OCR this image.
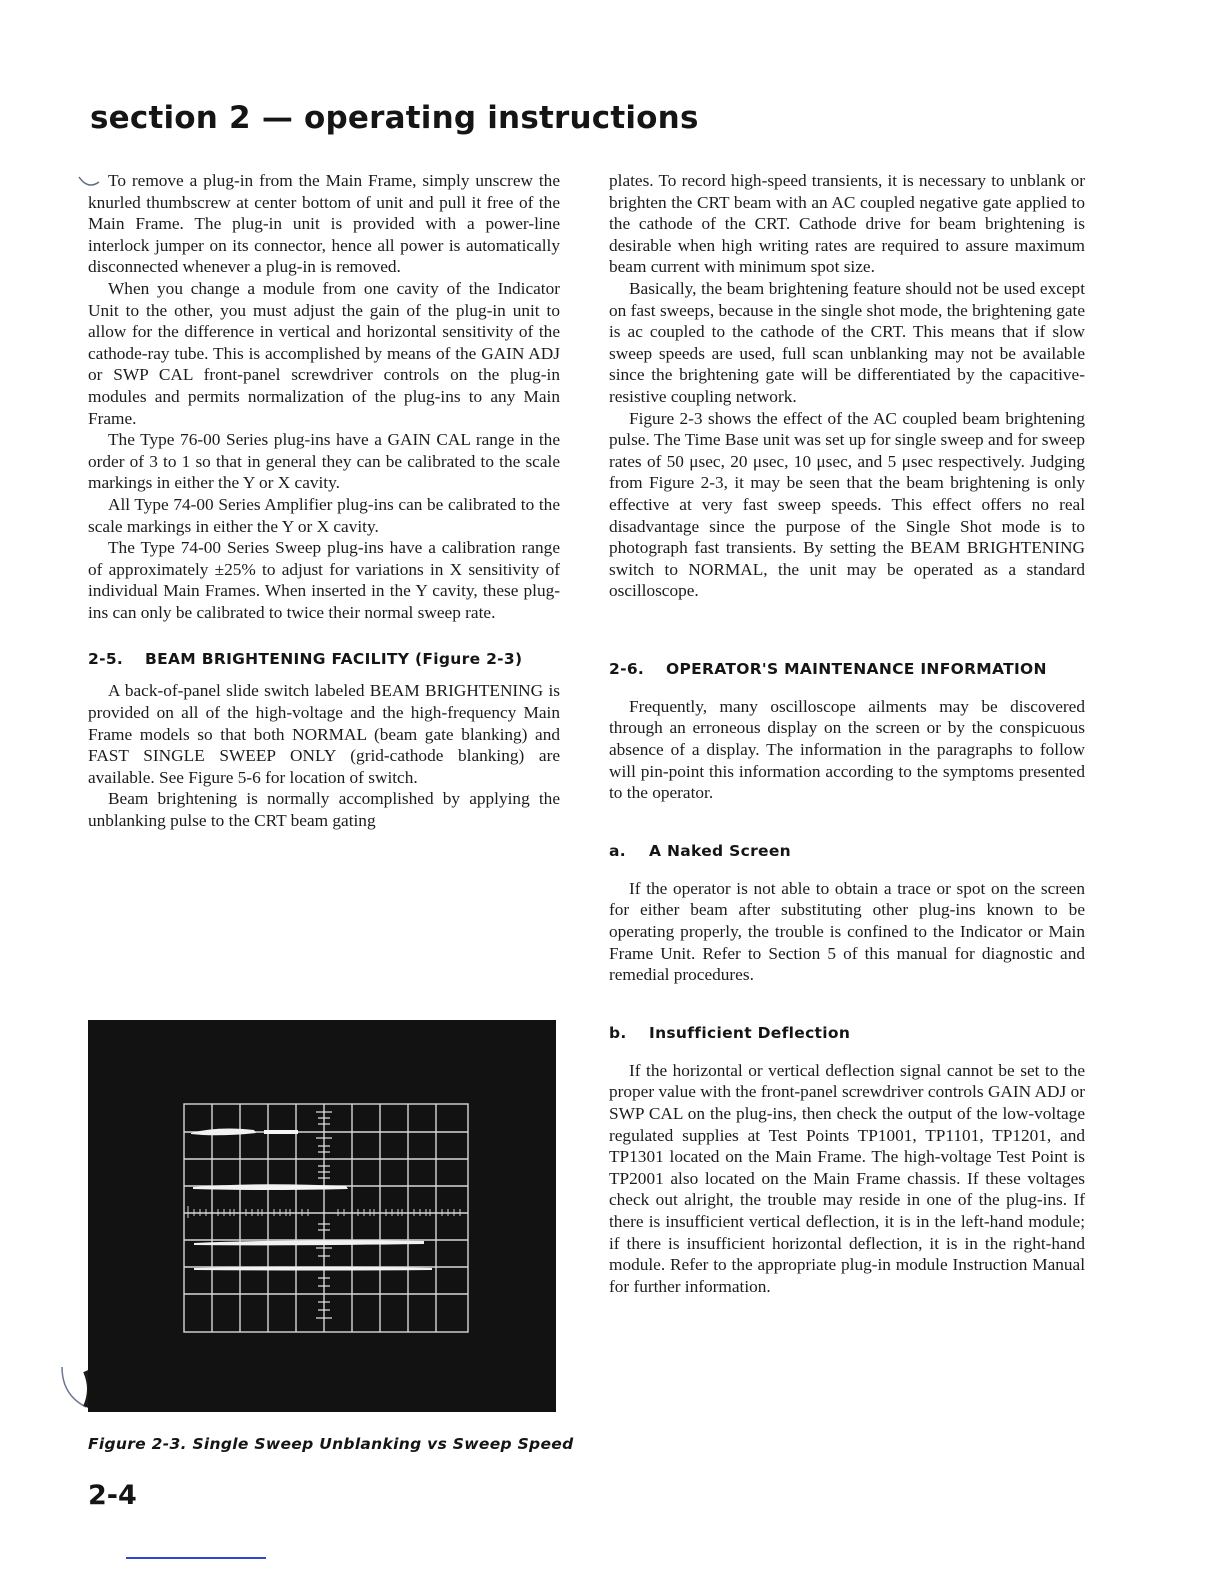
section 2 — operating instructions

To remove a plug-in from the Main Frame, simply unscrew the knurled thumbscrew at center bottom of unit and pull it free of the Main Frame. The plug-in unit is provided with a power-line interlock jumper on its connector, hence all power is automatically disconnected whenever a plug-in is removed.

When you change a module from one cavity of the Indicator Unit to the other, you must adjust the gain of the plug-in unit to allow for the difference in vertical and horizontal sensitivity of the cathode-ray tube. This is accomplished by means of the GAIN ADJ or SWP CAL front-panel screwdriver controls on the plug-in modules and permits normalization of the plug-ins to any Main Frame.

The Type 76-00 Series plug-ins have a GAIN CAL range in the order of 3 to 1 so that in general they can be calibrated to the scale markings in either the Y or X cavity.

All Type 74-00 Series Amplifier plug-ins can be calibrated to the scale markings in either the Y or X cavity.

The Type 74-00 Series Sweep plug-ins have a calibration range of approximately ±25% to adjust for variations in X sensitivity of individual Main Frames. When inserted in the Y cavity, these plug-ins can only be calibrated to twice their normal sweep rate.

2-5. BEAM BRIGHTENING FACILITY (Figure 2-3)

A back-of-panel slide switch labeled BEAM BRIGHTENING is provided on all of the high-voltage and the high-frequency Main Frame models so that both NORMAL (beam gate blanking) and FAST SINGLE SWEEP ONLY (grid-cathode blanking) are available. See Figure 5-6 for location of switch.

Beam brightening is normally accomplished by applying the unblanking pulse to the CRT beam gating

Figure 2-3. Single Sweep Unblanking vs Sweep Speed

2-4

plates. To record high-speed transients, it is necessary to unblank or brighten the CRT beam with an AC coupled negative gate applied to the cathode of the CRT. Cathode drive for beam brightening is desirable when high writing rates are required to assure maximum beam current with minimum spot size.

Basically, the beam brightening feature should not be used except on fast sweeps, because in the single shot mode, the brightening gate is ac coupled to the cathode of the CRT. This means that if slow sweep speeds are used, full scan unblanking may not be available since the brightening gate will be differentiated by the capacitive-resistive coupling network.

Figure 2-3 shows the effect of the AC coupled beam brightening pulse. The Time Base unit was set up for single sweep and for sweep rates of 50 μsec, 20 μsec, 10 μsec, and 5 μsec respectively. Judging from Figure 2-3, it may be seen that the beam brightening is only effective at very fast sweep speeds. This effect offers no real disadvantage since the purpose of the Single Shot mode is to photograph fast transients. By setting the BEAM BRIGHTENING switch to NORMAL, the unit may be operated as a standard oscilloscope.

2-6. OPERATOR'S MAINTENANCE INFORMATION

Frequently, many oscilloscope ailments may be discovered through an erroneous display on the screen or by the conspicuous absence of a display. The information in the paragraphs to follow will pin-point this information according to the symptoms presented to the operator.

a. A Naked Screen

If the operator is not able to obtain a trace or spot on the screen for either beam after substituting other plug-ins known to be operating properly, the trouble is confined to the Indicator or Main Frame Unit. Refer to Section 5 of this manual for diagnostic and remedial procedures.

b. Insufficient Deflection

If the horizontal or vertical deflection signal cannot be set to the proper value with the front-panel screwdriver controls GAIN ADJ or SWP CAL on the plug-ins, then check the output of the low-voltage regulated supplies at Test Points TP1001, TP1101, TP1201, and TP1301 located on the Main Frame. The high-voltage Test Point is TP2001 also located on the Main Frame chassis. If these voltages check out alright, the trouble may reside in one of the plug-ins. If there is insufficient vertical deflection, it is in the left-hand module; if there is insufficient horizontal deflection, it is in the right-hand module. Refer to the appropriate plug-in module Instruction Manual for further information.
